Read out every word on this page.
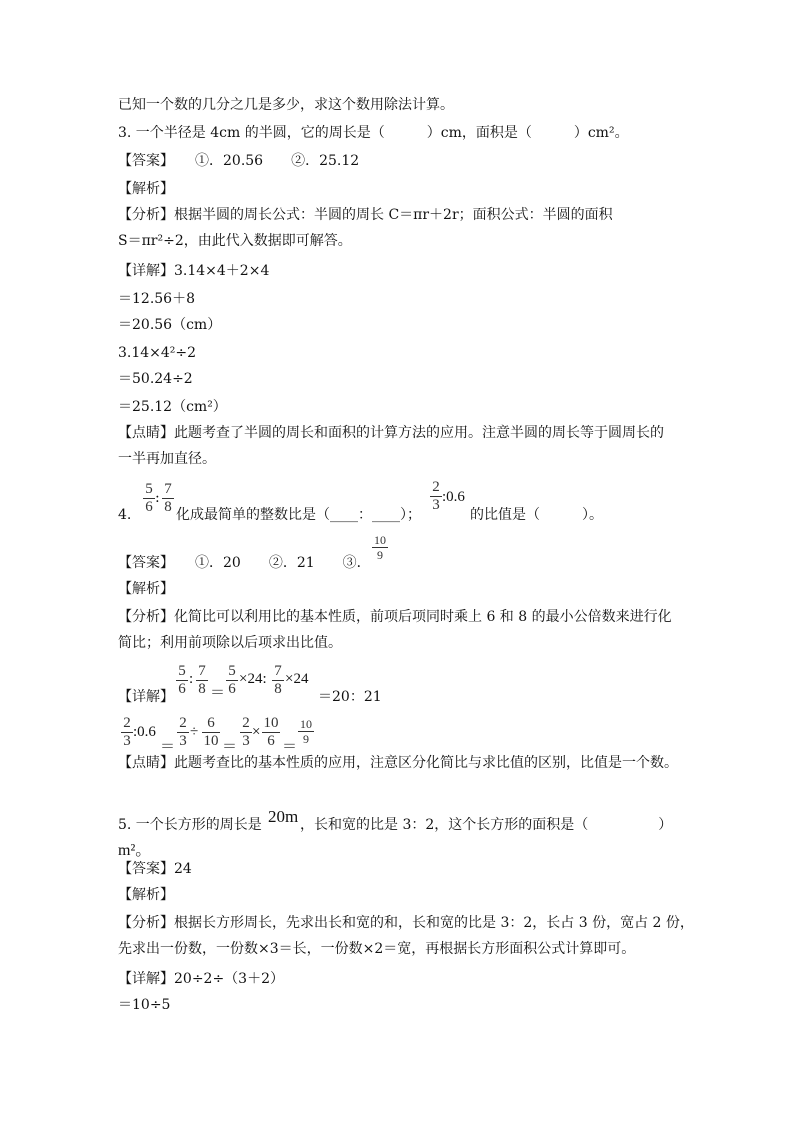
已知一个数的几分之几是多少，求这个数用除法计算。
3. 一个半径是 4cm 的半圆，它的周长是（　　　）cm，面积是（　　　）cm²。
【答案】　　①．20.56　　②．25.12
【解析】
【分析】根据半圆的周长公式：半圆的周长 C＝πr＋2r；面积公式：半圆的面积
S＝πr²÷2，由此代入数据即可解答。
【详解】3.14×4＋2×4
＝12.56＋8
＝20.56（cm）
3.14×4²÷2
＝50.24÷2
＝25.12（cm²）
【点睛】此题考查了半圆的周长和面积的计算方法的应用。注意半圆的周长等于圆周长的
一半再加直径。
4.
5
6
:
7
8 化成最简单的整数比是（____：____）；
2
3 :0.6
的比值是（　　　）。
【答案】　　①．20　　②．21　　③．
10
9
【解析】
【分析】化简比可以利用比的基本性质，前项后项同时乘上 6 和 8 的最小公倍数来进行化
简比；利用前项除以后项求出比值。
【详解】
5
6
: 7
8 ＝
5
6
×24: 7
8
×24
＝20：21
2
3
:0.6
＝
2
3
÷
6
10 ＝
2
3
×
10
6 ＝
10
9
【点睛】此题考查比的基本性质的应用，注意区分化简比与求比值的区别，比值是一个数。
5. 一个长方形的周长是 20m ，长和宽的比是 3：2，这个长方形的面积是（　　　　　）
m²。
【答案】24
【解析】
【分析】根据长方形周长，先求出长和宽的和，长和宽的比是 3：2，长占 3 份，宽占 2 份，
先求出一份数，一份数×3＝长，一份数×2＝宽，再根据长方形面积公式计算即可。
【详解】20÷2÷（3＋2）
＝10÷5
